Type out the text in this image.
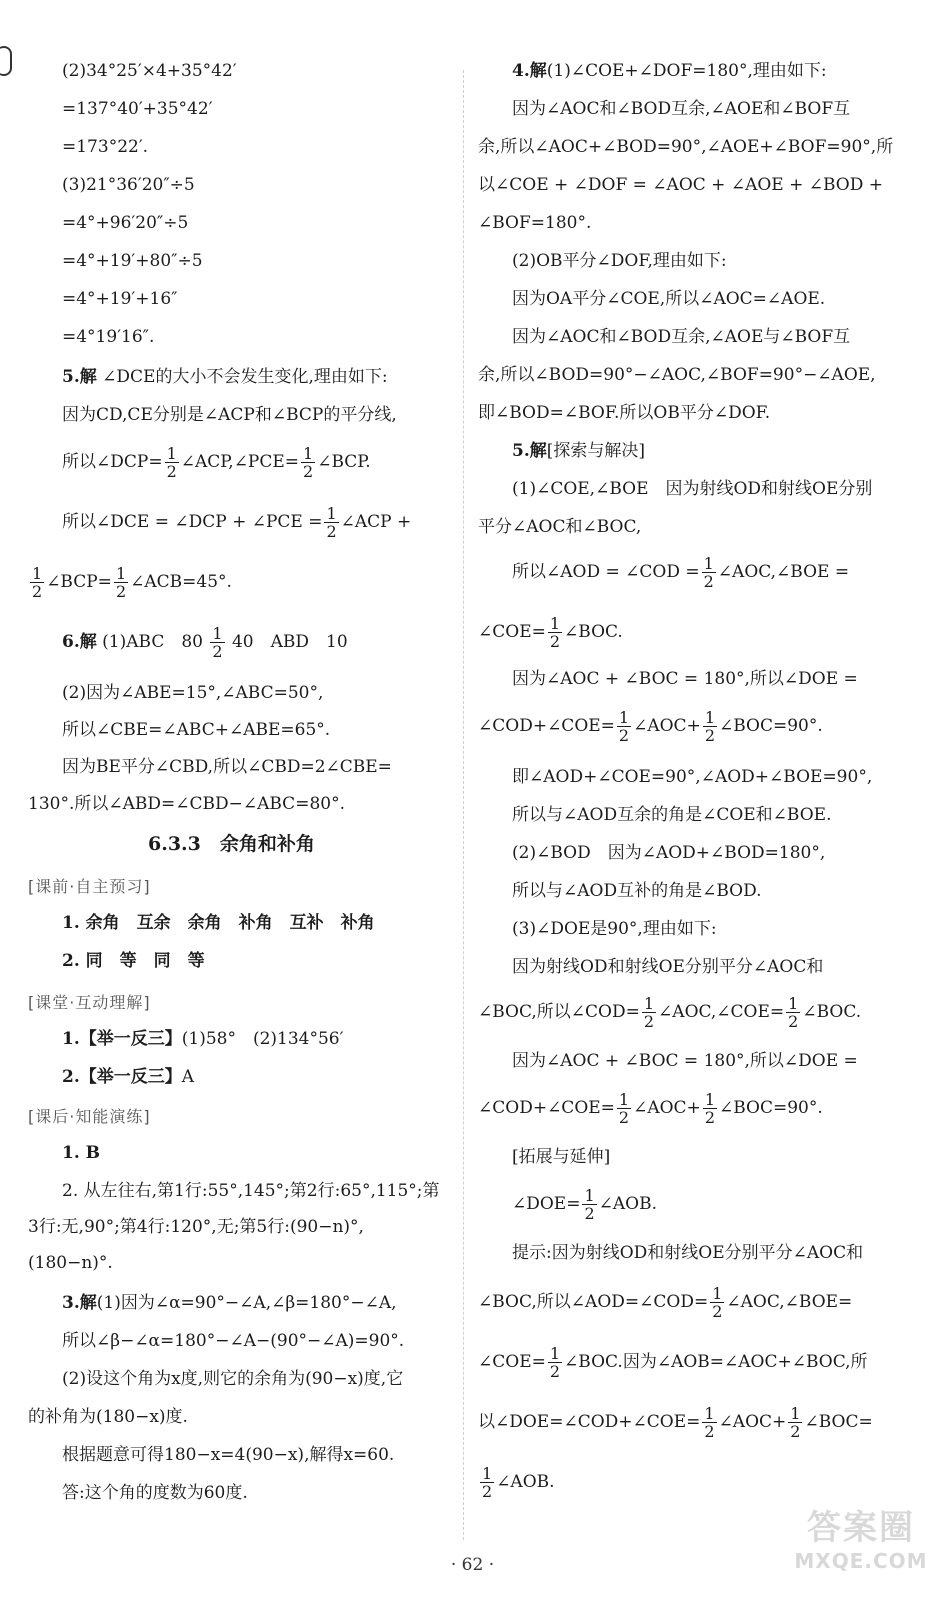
(2)34°25′×4+35°42′
=137°40′+35°42′
=173°22′.
(3)21°36′20″÷5
=4°+96′20″÷5
=4°+19′+80″÷5
=4°+19′+16″
=4°19′16″.
5.解 ∠DCE的大小不会发生变化,理由如下:
因为CD,CE分别是∠ACP和∠BCP的平分线,
所以∠DCP= $\frac{1}{2}$ ∠ACP,∠PCE= $\frac{1}{2}$ ∠BCP.
所以∠DCE = ∠DCP + ∠PCE = $\frac{1}{2}$ ∠ACP +
$\frac{1}{2}$ ∠BCP= $\frac{1}{2}$ ∠ACB=45°.
6.解 (1)ABC　$80 \frac{1}{2} 40$　ABD　10
(2)因为∠ABE=15°,∠ABC=50°,
所以∠CBE=∠ABC+∠ABE=65°.
因为BE平分∠CBD,所以∠CBD=2∠CBE=
130°.所以∠ABD=∠CBD−∠ABC=80°.
6.3.3　余角和补角
[课前·自主预习]
1. 余角　互余　余角　补角　互补　补角
2. 同　等　同　等
[课堂·互动理解]
1.【举一反三】(1)58°　(2)134°56′
2.【举一反三】A
[课后·知能演练]
1. B
2. 从左往右,第1行:55°,145°;第2行:65°,115°;第
3行:无,90°;第4行:120°,无;第5行:(90−n)°,
(180−n)°.
3.解(1)因为∠α=90°−∠A,∠β=180°−∠A,
所以∠β−∠α=180°−∠A−(90°−∠A)=90°.
(2)设这个角为x度,则它的余角为(90−x)度,它
的补角为(180−x)度.
根据题意可得180−x=4(90−x),解得x=60.
答:这个角的度数为60度.
4.解(1)∠COE+∠DOF=180°,理由如下:
因为∠AOC和∠BOD互余,∠AOE和∠BOF互
余,所以∠AOC+∠BOD=90°,∠AOE+∠BOF=90°,所
以∠COE + ∠DOF = ∠AOC + ∠AOE + ∠BOD +
∠BOF=180°.
(2)OB平分∠DOF,理由如下:
因为OA平分∠COE,所以∠AOC=∠AOE.
因为∠AOC和∠BOD互余,∠AOE与∠BOF互
余,所以∠BOD=90°−∠AOC,∠BOF=90°−∠AOE,
即∠BOD=∠BOF.所以OB平分∠DOF.
5.解[探索与解决]
(1)∠COE,∠BOE　因为射线OD和射线OE分别
平分∠AOC和∠BOC,
所以∠AOD = ∠COD = $\frac{1}{2}$ ∠AOC,∠BOE =
∠COE= $\frac{1}{2}$ ∠BOC.
因为∠AOC + ∠BOC = 180°,所以∠DOE =
∠COD+∠COE= $\frac{1}{2}$ ∠AOC+ $\frac{1}{2}$ ∠BOC=90°.
即∠AOD+∠COE=90°,∠AOD+∠BOE=90°,
所以与∠AOD互余的角是∠COE和∠BOE.
(2)∠BOD　因为∠AOD+∠BOD=180°,
所以与∠AOD互补的角是∠BOD.
(3)∠DOE是90°,理由如下:
因为射线OD和射线OE分别平分∠AOC和
∠BOC,所以∠COD= $\frac{1}{2}$ ∠AOC,∠COE= $\frac{1}{2}$ ∠BOC.
因为∠AOC + ∠BOC = 180°,所以∠DOE =
∠COD+∠COE= $\frac{1}{2}$ ∠AOC+ $\frac{1}{2}$ ∠BOC=90°.
[拓展与延伸]
∠DOE= $\frac{1}{2}$ ∠AOB.
提示:因为射线OD和射线OE分别平分∠AOC和
∠BOC,所以∠AOD=∠COD= $\frac{1}{2}$ ∠AOC,∠BOE=
∠COE= $\frac{1}{2}$ ∠BOC.因为∠AOB=∠AOC+∠BOC,所
以∠DOE=∠COD+∠COE= $\frac{1}{2}$ ∠AOC+ $\frac{1}{2}$ ∠BOC=
$\frac{1}{2}$ ∠AOB.
· 62 ·
答案圈
MXQE.COM
